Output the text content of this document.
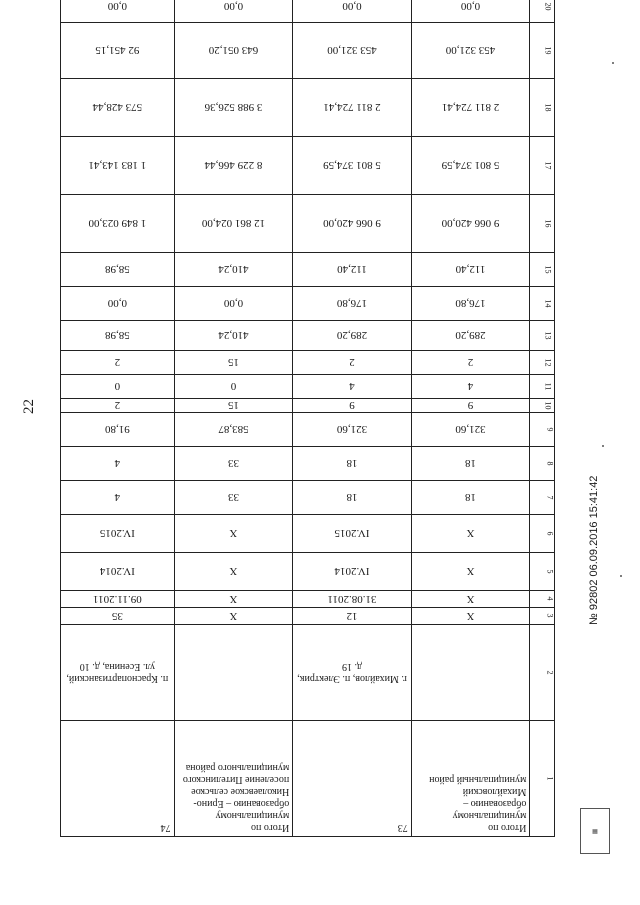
22
1	Итого по муниципальному образованию – Михайловский муниципальный район	73	Итого по муниципальному образованию – Ерино-Николаевское сельское поселение Пителинского муниципального района	74
2		г. Михайлов, п. Электрик, д. 19		п. Краснопартизанский, ул. Есенина, д. 10
3	X	12	X	35
4	X	31.08.2011	X	09.11.2011
5	X	IV.2014	X	IV.2014
6	X	IV.2015	X	IV.2015
7	18	18	33	4
8	18	18	33	4
9	321,60	321,60	583,87	91,80
10	9	9	15	2
11	4	4	0	0
12	2	2	15	2
13	289,20	289,20	410,24	58,98
14	176,80	176,80	0,00	0,00
15	112,40	112,40	410,24	58,98
16	9 066 420,00	9 066 420,00	12 861 024,00	1 849 023,00
17	5 801 374,59	5 801 374,59	8 229 466,44	1 183 143,41
18	2 811 724,41	2 811 724,41	3 988 526,36	573 428,44
19	453 321,00	453 321,00	643 051,20	92 451,15
20	0,00	0,00	0,00	0,00

№ 92802 06.09.2016 15:41:42
▦
